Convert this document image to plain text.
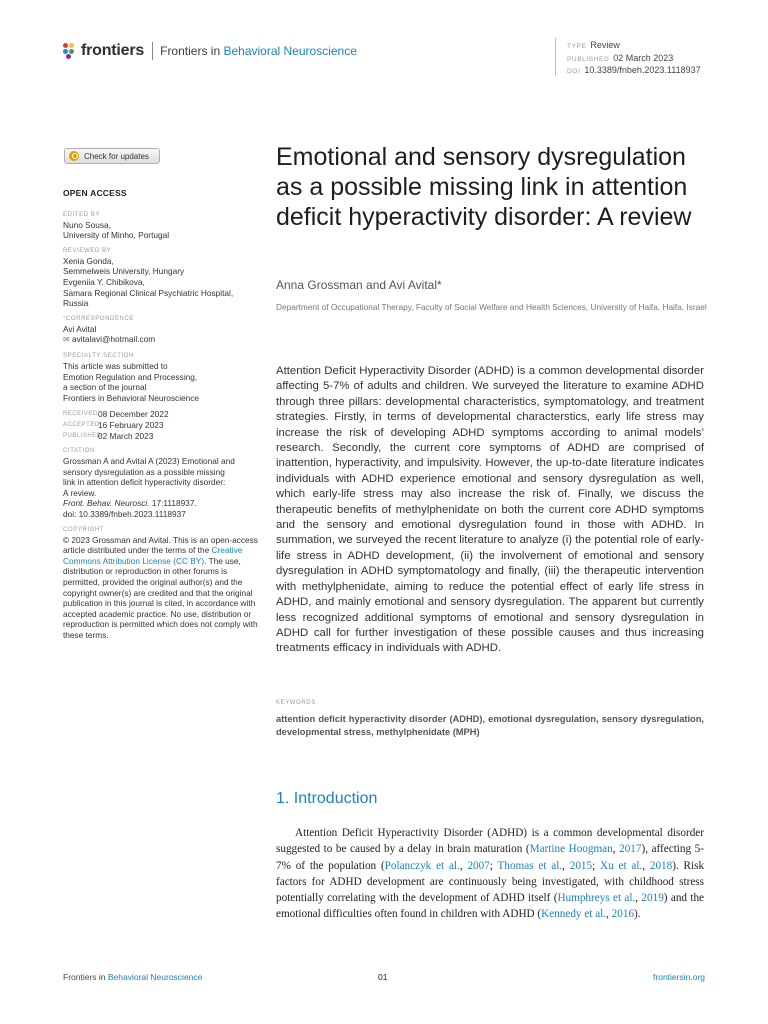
frontiers Frontiers in Behavioral Neuroscience	TYPE Review
PUBLISHED 02 March 2023
DOI 10.3389/fnbeh.2023.1118937
Check for updates
OPEN ACCESS
EDITED BY
Nuno Sousa,
University of Minho, Portugal
REVIEWED BY
Xenia Gonda,
Semmelweis University, Hungary
Evgeniia Y. Chibikova,
Samara Regional Clinical Psychiatric Hospital,
Russia
*CORRESPONDENCE
Avi Avital
✉ avitalavi@hotmail.com
SPECIALTY SECTION
This article was submitted to
Emotion Regulation and Processing,
a section of the journal
Frontiers in Behavioral Neuroscience
RECEIVED 08 December 2022
ACCEPTED
16 February 2023
PUBLISHED
02 March 2023
CITATION
Grossman A and Avital A (2023) Emotional and
sensory dysregulation as a possible missing
link in attention deficit hyperactivity disorder:
A review.
Front. Behav. Neurosci. 17:1118937.
doi: 10.3389/fnbeh.2023.1118937
COPYRIGHT
© 2023 Grossman and Avital. This is an open-access article distributed under the terms of the Creative Commons Attribution License (CC BY). The use, distribution or reproduction in other forums is permitted, provided the original author(s) and the copyright owner(s) are credited and that the original publication in this journal is cited, in accordance with accepted academic practice. No use, distribution or reproduction is permitted which does not comply with these terms.
Emotional and sensory dysregulation as a possible missing link in attention deficit hyperactivity disorder: A review
Anna Grossman and Avi Avital*
Department of Occupational Therapy, Faculty of Social Welfare and Health Sciences, University of Haifa, Haifa, Israel
Attention Deficit Hyperactivity Disorder (ADHD) is a common developmental disorder affecting 5-7% of adults and children. We surveyed the literature to examine ADHD through three pillars: developmental characteristics, symptomatology, and treatment strategies. Firstly, in terms of developmental characterstics, early life stress may increase the risk of developing ADHD symptoms according to animal models’ research. Secondly, the current core symptoms of ADHD are comprised of inattention, hyperactivity, and impulsivity. However, the up-to-date literature indicates individuals with ADHD experience emotional and sensory dysregulation as well, which early-life stress may also increase the risk of. Finally, we discuss the therapeutic benefits of methylphenidate on both the current core ADHD symptoms and the sensory and emotional dysregulation found in those with ADHD. In summation, we surveyed the recent literature to analyze (i) the potential role of early-life stress in ADHD development, (ii) the involvement of emotional and sensory dysregulation in ADHD symptomatology and finally, (iii) the therapeutic intervention with methylphenidate, aiming to reduce the potential effect of early life stress in ADHD, and mainly emotional and sensory dysregulation. The apparent but currently less recognized additional symptoms of emotional and sensory dysregulation in ADHD call for further investigation of these possible causes and thus increasing treatments efficacy in individuals with ADHD.
KEYWORDS
attention deficit hyperactivity disorder (ADHD), emotional dysregulation, sensory dysregulation, developmental stress, methylphenidate (MPH)
1. Introduction
Attention Deficit Hyperactivity Disorder (ADHD) is a common developmental disorder suggested to be caused by a delay in brain maturation (Martine Hoogman, 2017), affecting 5-7% of the population (Polanczyk et al., 2007; Thomas et al., 2015; Xu et al., 2018). Risk factors for ADHD development are continuously being investigated, with childhood stress potentially correlating with the development of ADHD itself (Humphreys et al., 2019) and the emotional difficulties often found in children with ADHD (Kennedy et al., 2016).
Frontiers in Behavioral Neuroscience	01	frontiersin.org
